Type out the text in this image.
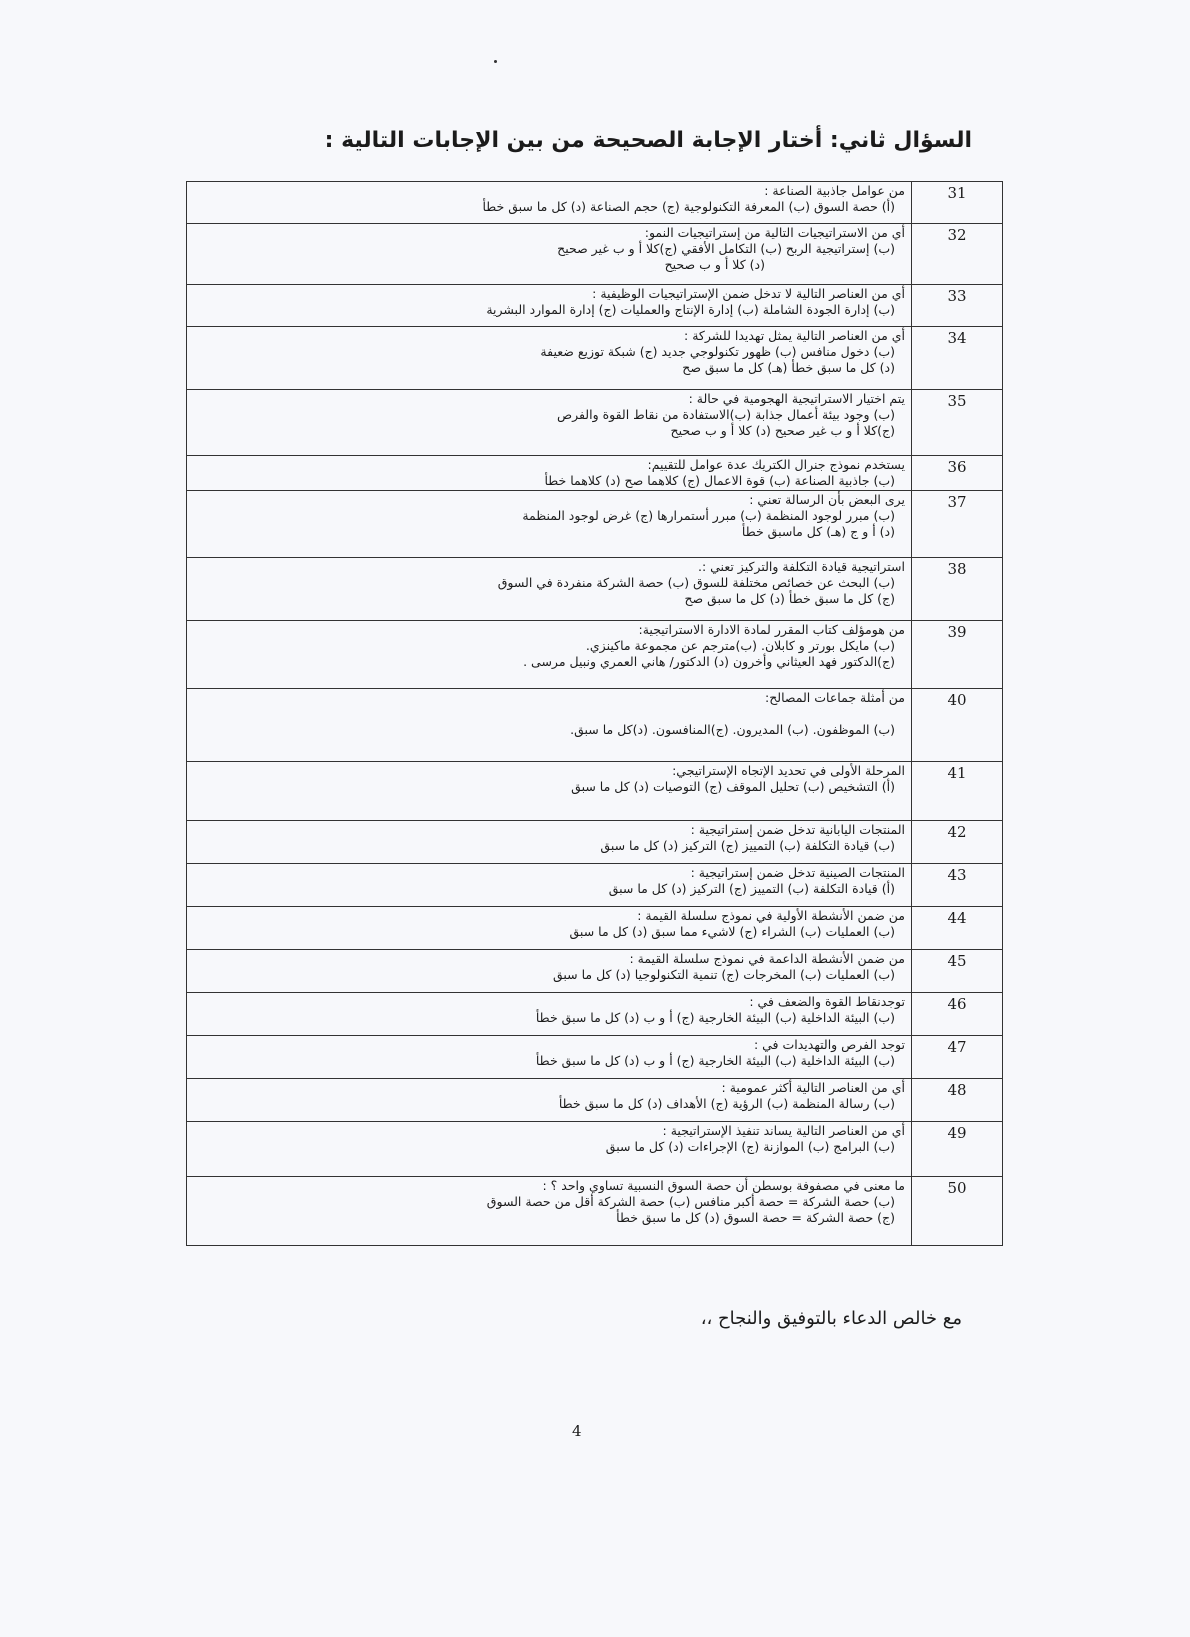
السؤال ثاني: أختار الإجابة الصحيحة من بين الإجابات التالية :
31	من عوامل جاذبية الصناعة :
(أ) حصة السوق (ب) المعرفة التكنولوجية (ج) حجم الصناعة (د) كل ما سبق خطأ

32	أي من الاستراتيجيات التالية من إستراتيجيات النمو:
(ب) إستراتيجية الربح (ب) التكامل الأفقي (ج)كلا أ و ب غير صحيح
(د) كلا أ و ب صحيح

33	أي من العناصر التالية لا تدخل ضمن الإستراتيجيات الوظيفية :
(ب) إدارة الجودة الشاملة (ب) إدارة الإنتاج والعمليات (ج) إدارة الموارد البشرية

34	أي من العناصر التالية يمثل تهديدا للشركة :
(ب) دخول منافس (ب) ظهور تكنولوجي جديد (ج) شبكة توزيع ضعيفة
(د) كل ما سبق خطأ (هـ) كل ما سبق صح

35	يتم اختيار الاستراتيجية الهجومية في حالة :
(ب) وجود بيئة أعمال جذابة (ب)الاستفادة من نقاط القوة والفرص
(ج)كلا أ و ب غير صحيح (د) كلا أ و ب صحيح

36	يستخدم نموذج جنرال الكتريك عدة عوامل للتقييم:
(ب) جاذبية الصناعة (ب) قوة الاعمال (ج) كلاهما صح (د) كلاهما خطأ

37	يرى البعض بأن الرسالة تعني :
(ب) مبرر لوجود المنظمة (ب) مبرر أستمرارها (ج) غرض لوجود المنظمة
(د) أ و ج (هـ) كل ماسبق خطأ

38	استراتيجية قيادة التكلفة والتركيز تعني :.
(ب) البحث عن خصائص مختلفة للسوق (ب) حصة الشركة منفردة في السوق
(ج) كل ما سبق خطأ (د) كل ما سبق صح

39	من هومؤلف كتاب المقرر لمادة الادارة الاستراتيجية:
(ب) مايكل بورتر و كابلان. (ب)مترجم عن مجموعة ماكينزي.
(ج)الدكتور فهد العيثاني وأخرون (د) الدكتور/ هاني العمري ونبيل مرسى .

40	من أمثلة جماعات المصالح:

(ب) الموظفون. (ب) المديرون. (ج)المنافسون. (د)كل ما سبق.

41	المرحلة الأولى في تحديد الإتجاه الإستراتيجي:
(أ) التشخيص (ب) تحليل الموقف (ج) التوصيات (د) كل ما سبق

42	المنتجات اليابانية تدخل ضمن إستراتيجية :
(ب) قيادة التكلفة (ب) التمييز (ج) التركيز (د) كل ما سبق

43	المنتجات الصينية تدخل ضمن إستراتيجية :
(أ) قيادة التكلفة (ب) التمييز (ج) التركيز (د) كل ما سبق

44	من ضمن الأنشطة الأولية في نموذج سلسلة القيمة :
(ب) العمليات (ب) الشراء (ج) لاشيء مما سبق (د) كل ما سبق

45	من ضمن الأنشطة الداعمة في نموذج سلسلة القيمة :
(ب) العمليات (ب) المخرجات (ج) تنمية التكنولوجيا (د) كل ما سبق

46	توجدنقاط القوة والضعف في :
(ب) البيئة الداخلية (ب) البيئة الخارجية (ج) أ و ب (د) كل ما سبق خطأ

47	توجد الفرص والتهديدات في :
(ب) البيئة الداخلية (ب) البيئة الخارجية (ج) أ و ب (د) كل ما سبق خطأ

48	أي من العناصر التالية أكثر عمومية :
(ب) رسالة المنظمة (ب) الرؤية (ج) الأهداف (د) كل ما سبق خطأ

49	أي من العناصر التالية يساند تنفيذ الإستراتيجية :
(ب) البرامج (ب) الموازنة (ج) الإجراءات (د) كل ما سبق

50	ما معنى في مصفوفة بوسطن أن حصة السوق النسبية تساوي واحد ؟ :
(ب) حصة الشركة = حصة أكبر منافس (ب) حصة الشركة أقل من حصة السوق
(ج) حصة الشركة = حصة السوق (د) كل ما سبق خطأ
مع خالص الدعاء بالتوفيق والنجاح ،،
4
